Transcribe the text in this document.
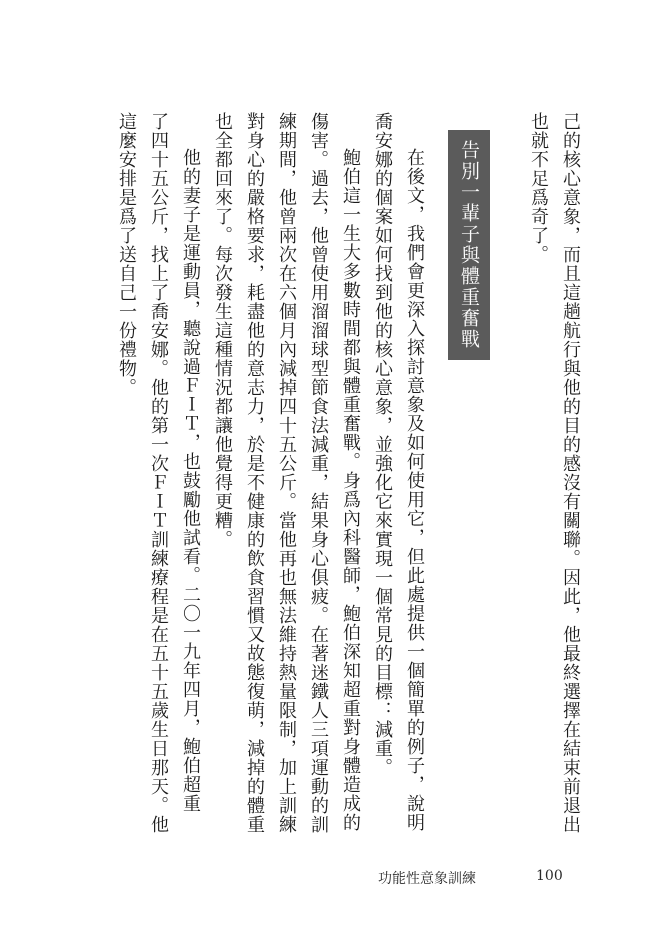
己的核心意象，而且這趟航行與他的目的感沒有關聯。因此，他最終選擇在結束前退出

也就不足爲奇了。

告別一輩子與體重奮戰

在後文，我們會更深入探討意象及如何使用它，但此處提供一個簡單的例子，說明

喬安娜的個案如何找到他的核心意象，並強化它來實現一個常見的目標：減重。

鮑伯這一生大多數時間都與體重奮戰。身爲內科醫師，鮑伯深知超重對身體造成的

傷害。過去，他曾使用溜溜球型節食法減重，結果身心俱疲。在著迷鐵人三項運動的訓

練期間，他曾兩次在六個月內減掉四十五公斤。當他再也無法維持熱量限制，加上訓練

對身心的嚴格要求，耗盡他的意志力，於是不健康的飲食習慣又故態復萌，減掉的體重

也全都回來了。每次發生這種情況都讓他覺得更糟。

他的妻子是運動員，聽說過ＦＩＴ，也鼓勵他試看。二〇一九年四月，鮑伯超重

了四十五公斤，找上了喬安娜。他的第一次ＦＩＴ訓練療程是在五十五歲生日那天。他

這麼安排是爲了送自己一份禮物。

功能性意象訓練	100
